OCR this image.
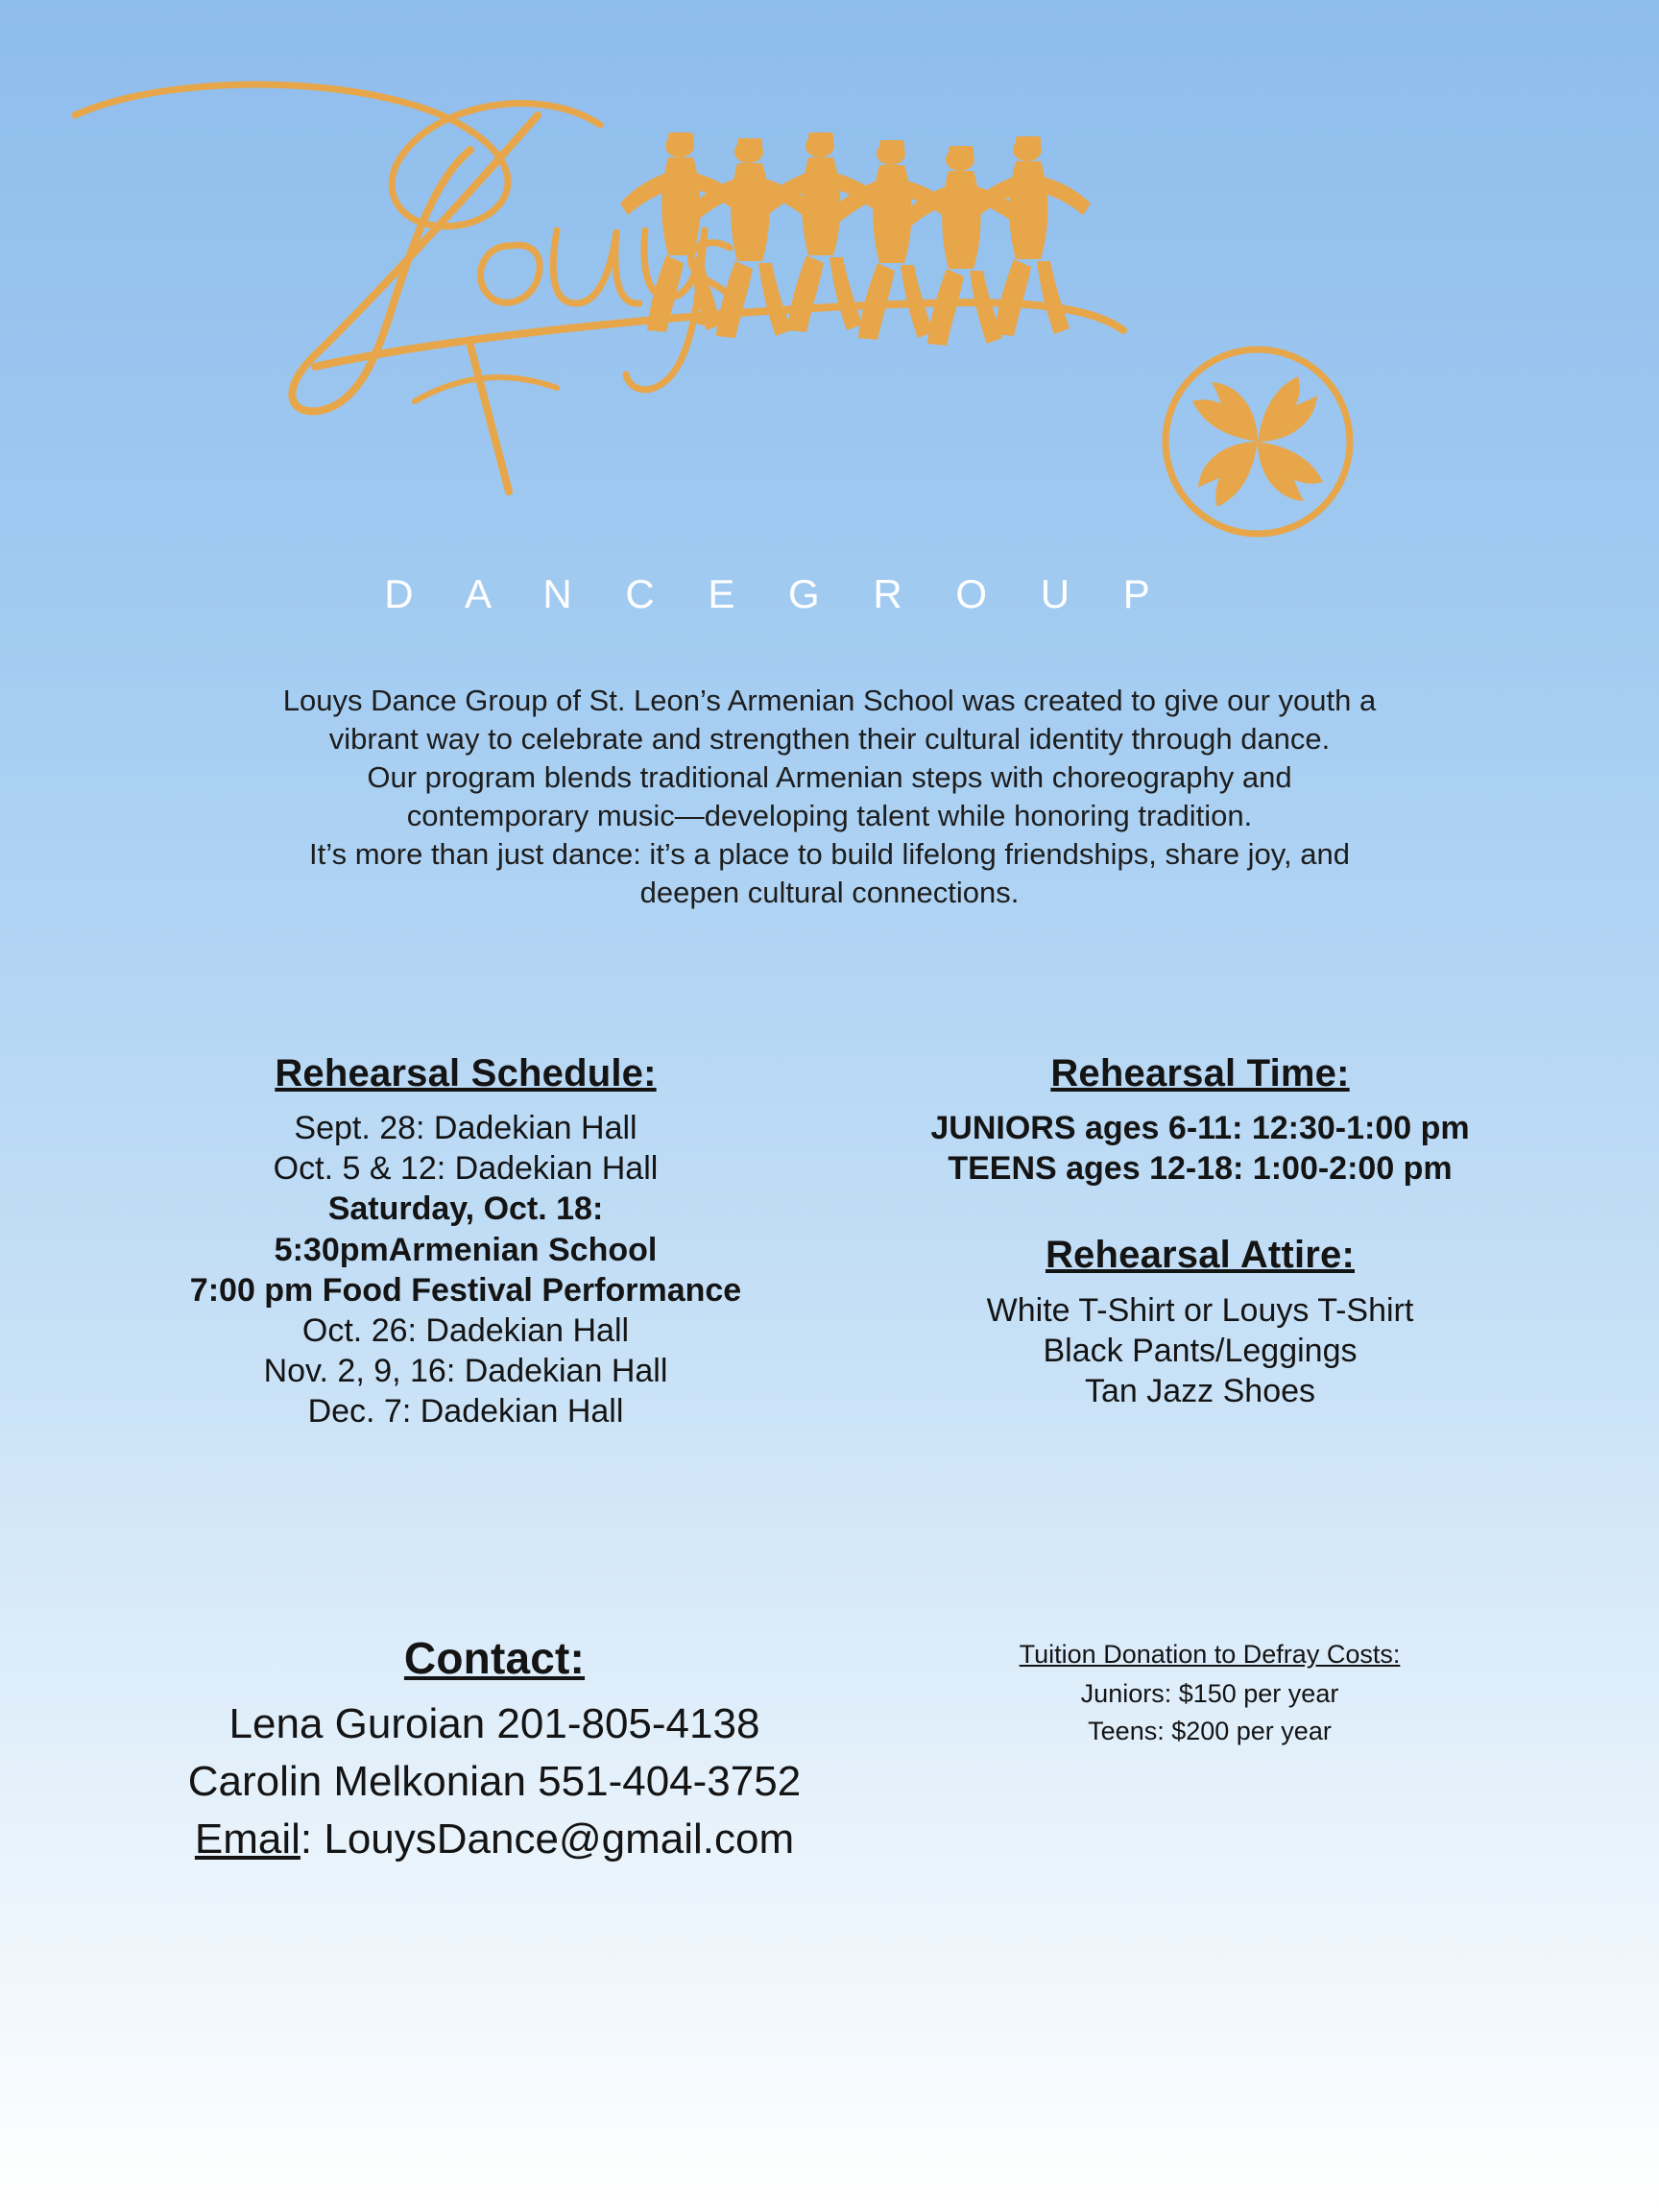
D A N C E G R O U P

Louys Dance Group of St. Leon’s Armenian School was created to give our youth a

vibrant way to celebrate and strengthen their cultural identity through dance.

Our program blends traditional Armenian steps with choreography and

contemporary music—developing talent while honoring tradition.

It’s more than just dance: it’s a place to build lifelong friendships, share joy, and

deepen cultural connections.

Rehearsal Schedule:
Sept. 28: Dadekian Hall
Oct. 5 & 12: Dadekian Hall
Saturday, Oct. 18:
5:30pmArmenian School
7:00 pm Food Festival Performance
Oct. 26: Dadekian Hall
Nov. 2, 9, 16: Dadekian Hall
Dec. 7: Dadekian Hall
Rehearsal Time:
JUNIORS ages 6-11: 12:30-1:00 pm
TEENS ages 12-18: 1:00-2:00 pm
Rehearsal Attire:
White T-Shirt or Louys T-Shirt
Black Pants/Leggings
Tan Jazz Shoes
Contact:
Lena Guroian 201-805-4138
Carolin Melkonian 551-404-3752
Email: LouysDance@gmail.com
Tuition Donation to Defray Costs:
Juniors: $150 per year
Teens: $200 per year
